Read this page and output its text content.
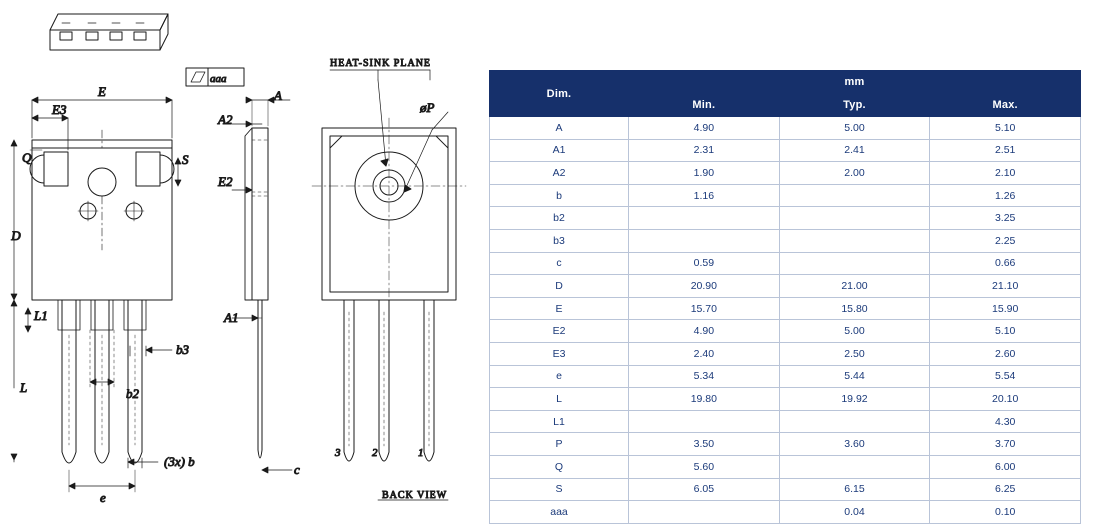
E
E3
D
Q	S
L
L1
b3
b2
(3x) b
e
A
A2
E2
A1
c
aaa
HEAT-SINK PLANE
øP
BACK VIEW
3	2	1
Dim.	mm		
	Min.	Typ.	Max.
A	4.90	5.00	5.10
A1	2.31	2.41	2.51
A2	1.90	2.00	2.10
b	1.16		1.26
b2			3.25
b3			2.25
c	0.59		0.66
D	20.90	21.00	21.10
E	15.70	15.80	15.90
E2	4.90	5.00	5.10
E3	2.40	2.50	2.60
e	5.34	5.44	5.54
L	19.80	19.92	20.10
L1			4.30
P	3.50	3.60	3.70
Q	5.60		6.00
S	6.05	6.15	6.25
aaa		0.04	0.10
